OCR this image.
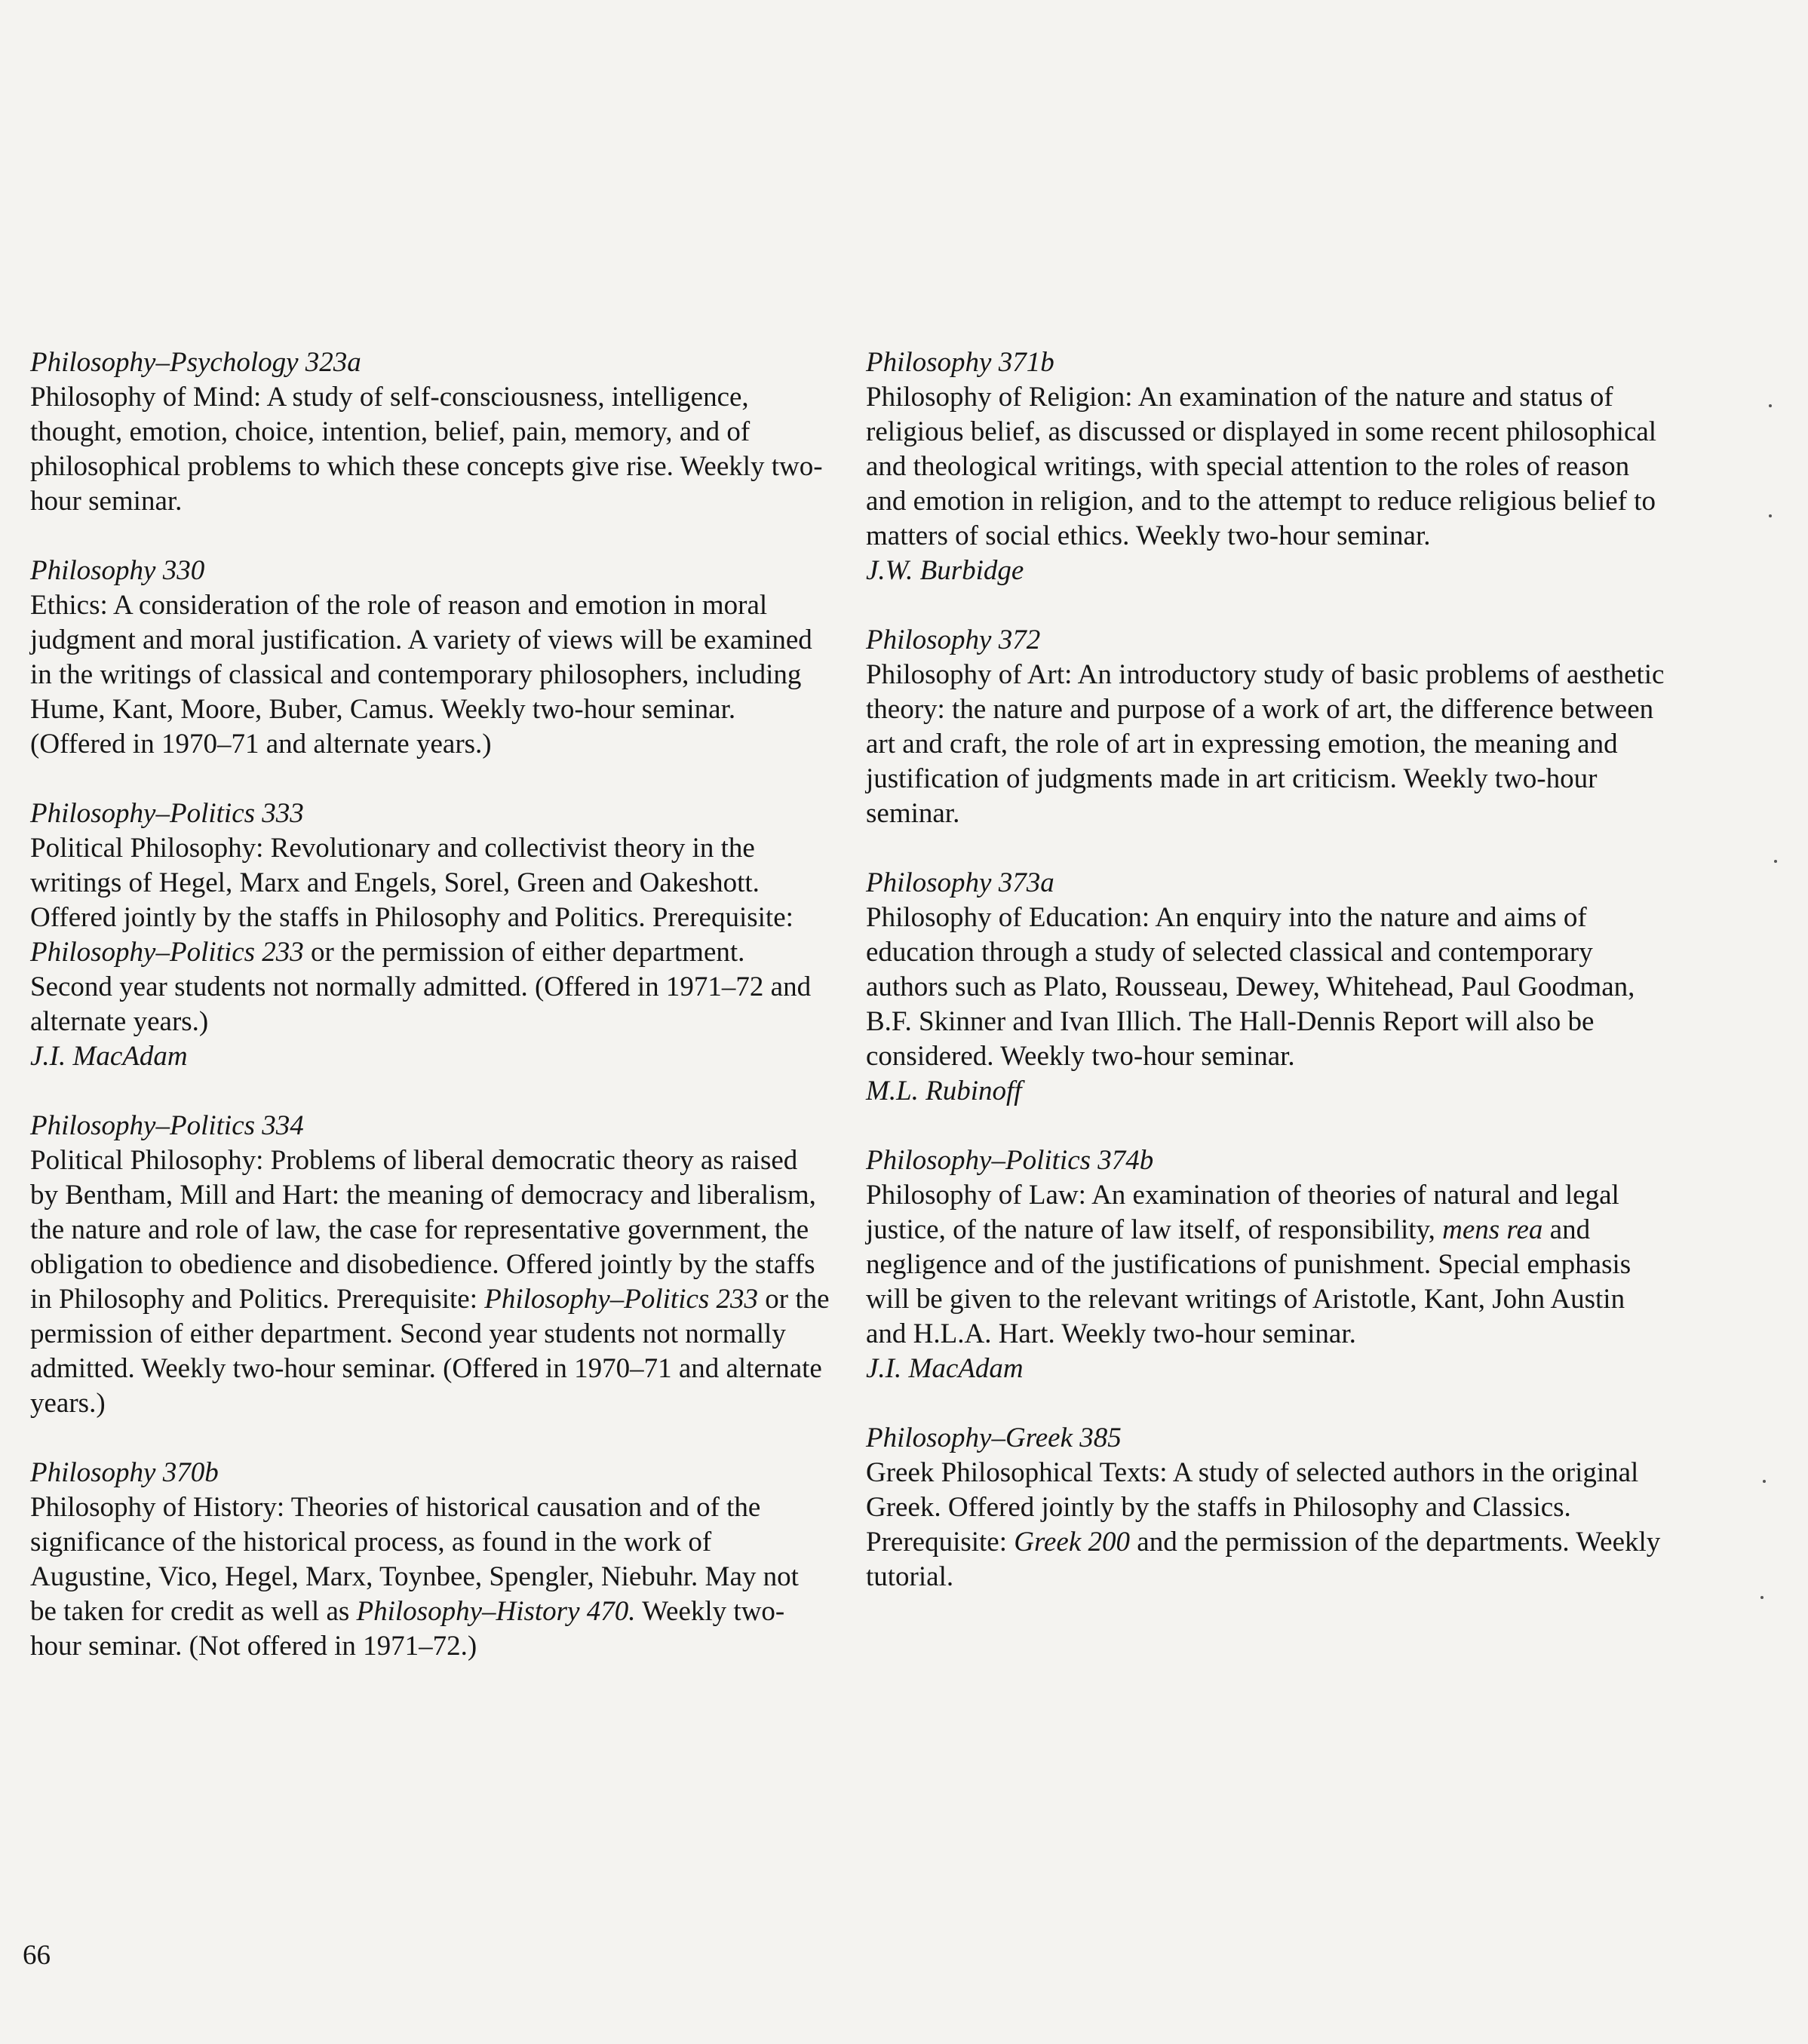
Philosophy–Psychology 323a

Philosophy of Mind: A study of self-consciousness, intelligence, thought, emotion, choice, intention, belief, pain, memory, and of philosophical problems to which these concepts give rise. Weekly two-hour seminar.

Philosophy 330

Ethics: A consideration of the role of reason and emotion in moral judgment and moral justification. A variety of views will be examined in the writings of classical and contemporary philosophers, including Hume, Kant, Moore, Buber, Camus. Weekly two-hour seminar. (Offered in 1970–71 and alternate years.)

Philosophy–Politics 333

Political Philosophy: Revolutionary and collectivist theory in the writings of Hegel, Marx and Engels, Sorel, Green and Oakeshott. Offered jointly by the staffs in Philosophy and Politics. Prerequisite: Philosophy–Politics 233 or the permission of either department. Second year students not normally admitted. (Offered in 1971–72 and alternate years.)

J.I. MacAdam

Philosophy–Politics 334

Political Philosophy: Problems of liberal democratic theory as raised by Bentham, Mill and Hart: the meaning of democracy and liberalism, the nature and role of law, the case for representative government, the obligation to obedience and disobedience. Offered jointly by the staffs in Philosophy and Politics. Prerequisite: Philosophy–Politics 233 or the permission of either department. Second year students not normally admitted. Weekly two-hour seminar. (Offered in 1970–71 and alternate years.)

Philosophy 370b

Philosophy of History: Theories of historical causation and of the significance of the historical process, as found in the work of Augustine, Vico, Hegel, Marx, Toynbee, Spengler, Niebuhr. May not be taken for credit as well as Philosophy–History 470. Weekly two-hour seminar. (Not offered in 1971–72.)

Philosophy 371b

Philosophy of Religion: An examination of the nature and status of religious belief, as discussed or displayed in some recent philosophical and theological writings, with special attention to the roles of reason and emotion in religion, and to the attempt to reduce religious belief to matters of social ethics. Weekly two-hour seminar.

J.W. Burbidge

Philosophy 372

Philosophy of Art: An introductory study of basic problems of aesthetic theory: the nature and purpose of a work of art, the difference between art and craft, the role of art in expressing emotion, the meaning and justification of judgments made in art criticism. Weekly two-hour seminar.

Philosophy 373a

Philosophy of Education: An enquiry into the nature and aims of education through a study of selected classical and contemporary authors such as Plato, Rousseau, Dewey, Whitehead, Paul Goodman, B.F. Skinner and Ivan Illich. The Hall-Dennis Report will also be considered. Weekly two-hour seminar.

M.L. Rubinoff

Philosophy–Politics 374b

Philosophy of Law: An examination of theories of natural and legal justice, of the nature of law itself, of responsibility, mens rea and negligence and of the justifications of punishment. Special emphasis will be given to the relevant writings of Aristotle, Kant, John Austin and H.L.A. Hart. Weekly two-hour seminar.

J.I. MacAdam

Philosophy–Greek 385

Greek Philosophical Texts: A study of selected authors in the original Greek. Offered jointly by the staffs in Philosophy and Classics. Prerequisite: Greek 200 and the permission of the departments. Weekly tutorial.

66
